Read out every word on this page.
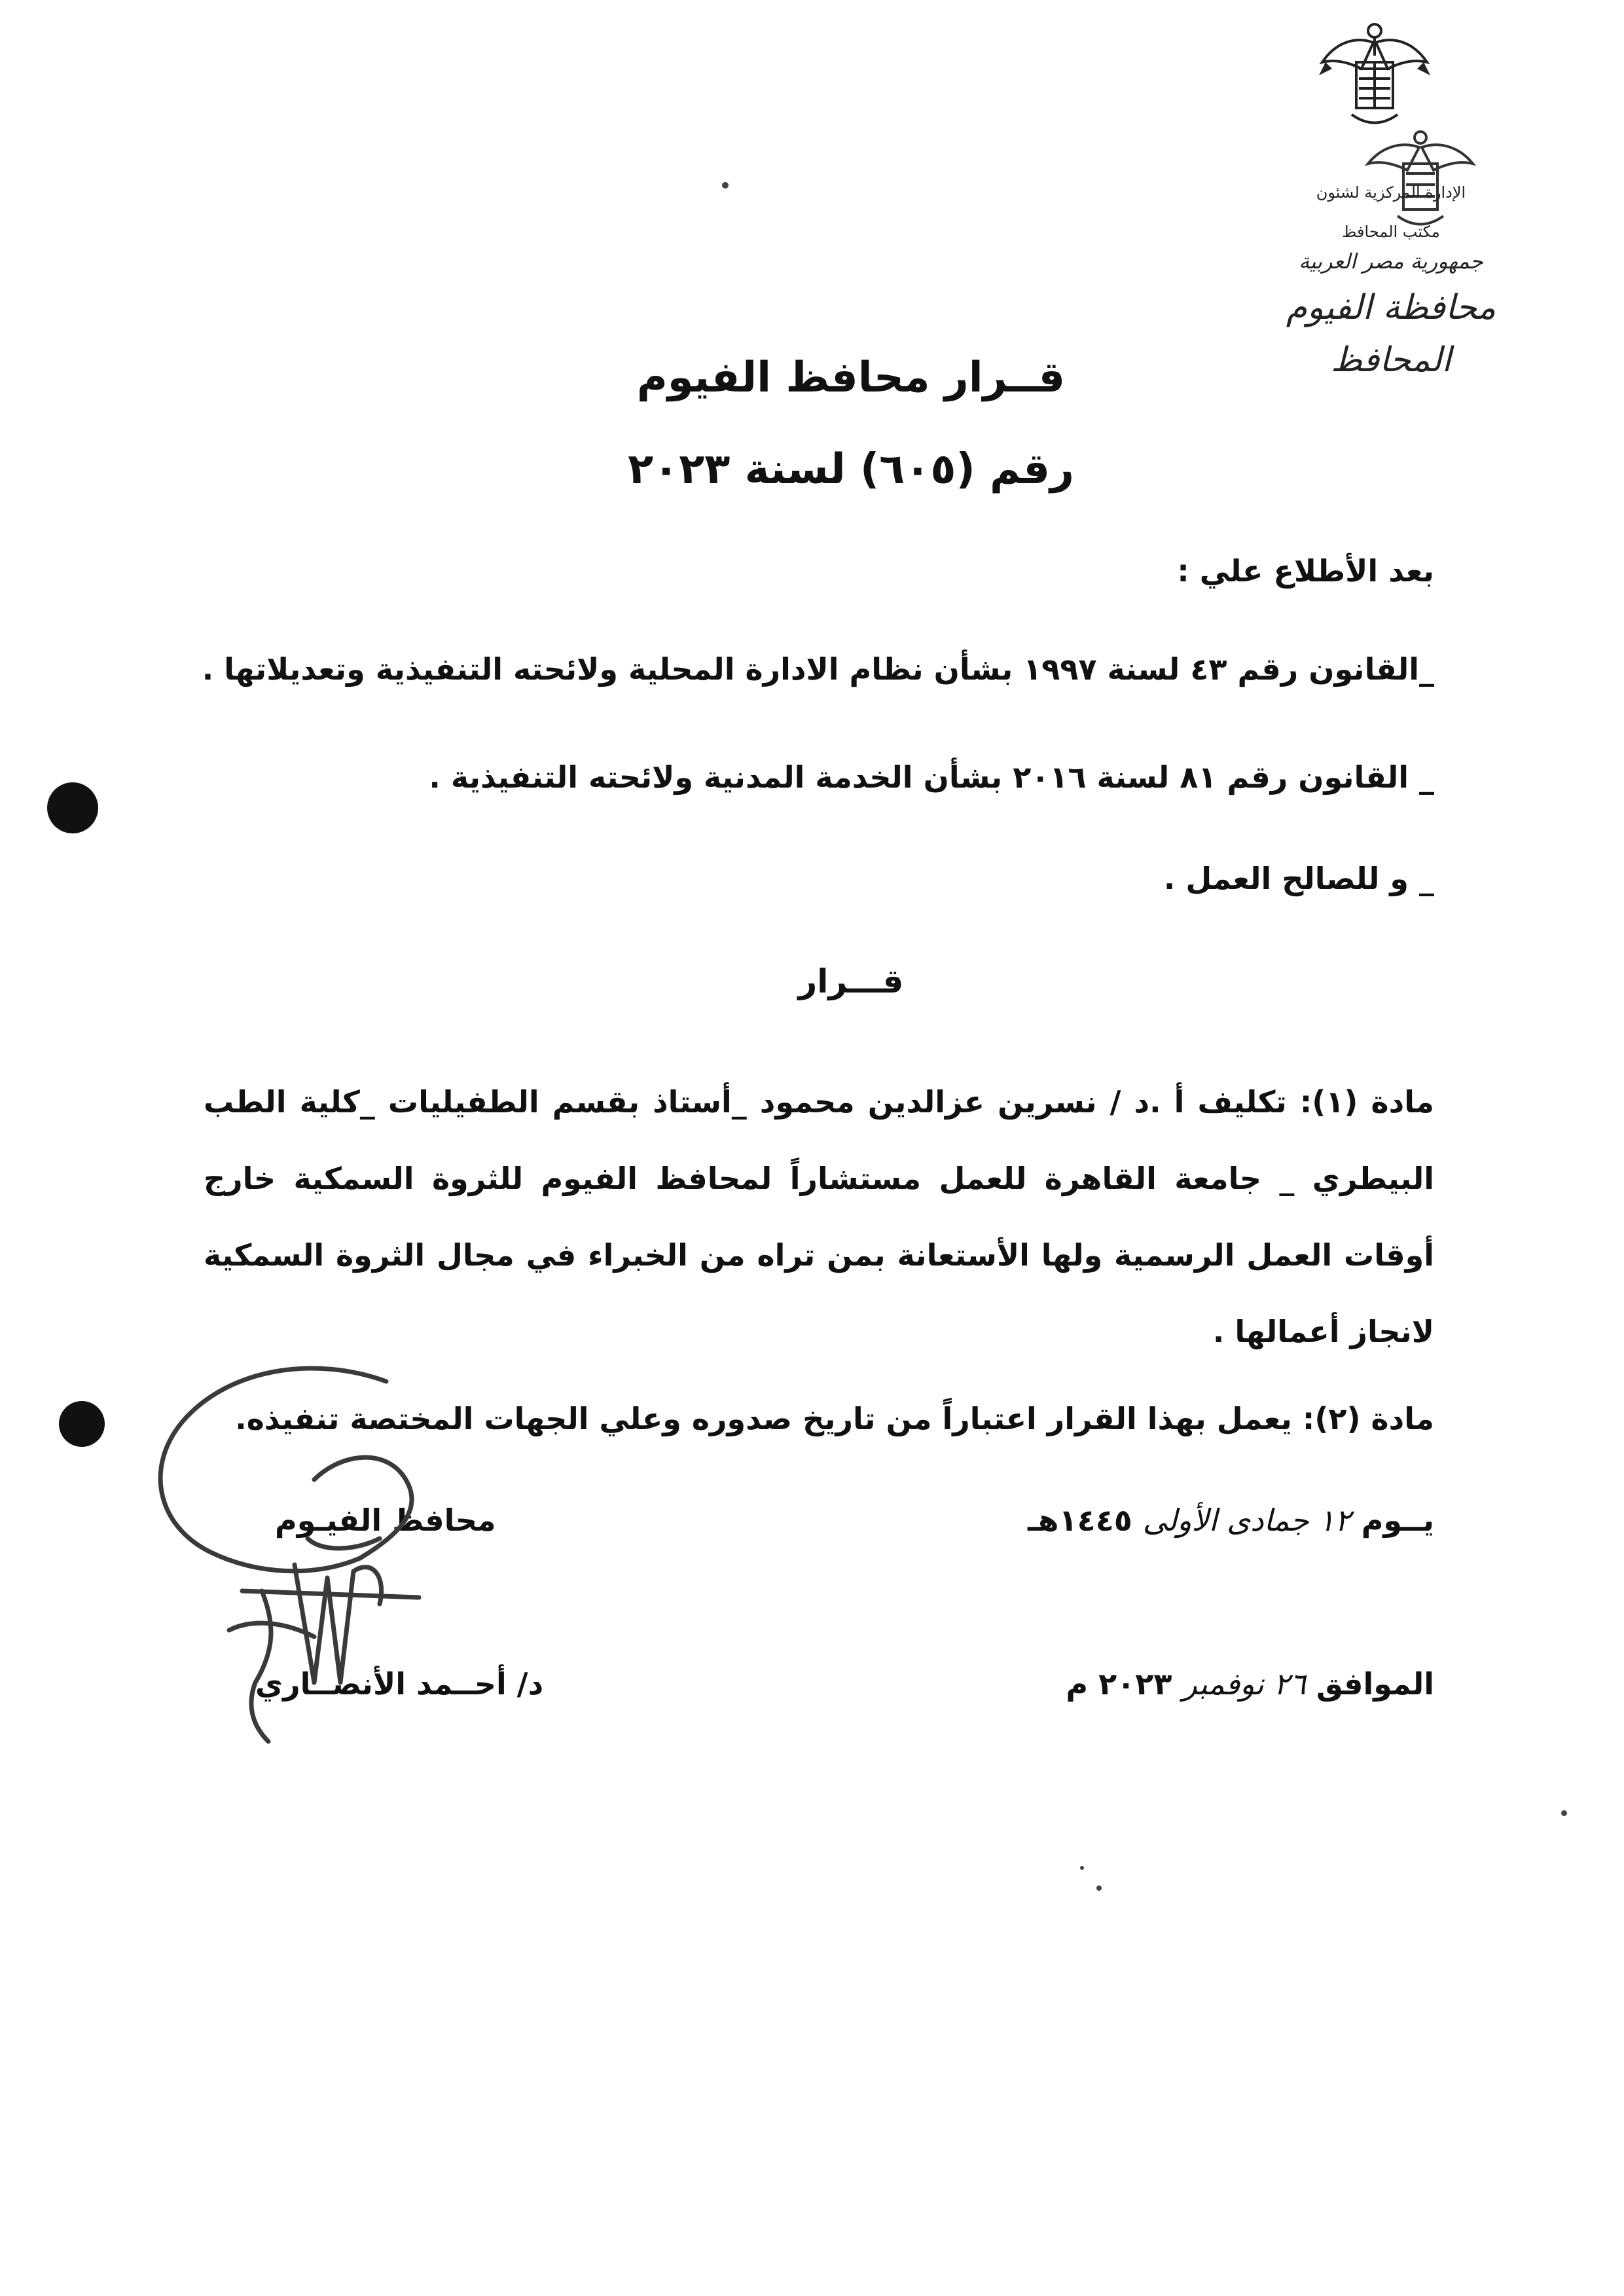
الإدارة المركزية لشئون
مكتب المحافظ
جمهورية مصر العربية
محافظة الفيوم
المحافظ
قــرار محافظ الفيوم
رقم (٦٠٥) لسنة ٢٠٢٣
بعد الأطلاع علي :
_القانون رقم ٤٣ لسنة ١٩٩٧ بشأن نظام الادارة المحلية ولائحته التنفيذية وتعديلاتها .
_ القانون رقم ٨١ لسنة ٢٠١٦ بشأن الخدمة المدنية ولائحته التنفيذية .
_ و للصالح العمل .
قـــرار
مادة (١): تكليف أ .د / نسرين عزالدين محمود _أستاذ بقسم الطفيليات _كلية الطب البيطري _ جامعة القاهرة للعمل مستشاراً لمحافظ الفيوم للثروة السمكية خارج أوقات العمل الرسمية ولها الأستعانة بمن تراه من الخبراء في مجال الثروة السمكية لانجاز أعمالها .
مادة (٢): يعمل بهذا القرار اعتباراً من تاريخ صدوره وعلي الجهات المختصة تنفيذه.
يــوم ١٢ جمادى الأولى ١٤٤٥هـ
الموافق ٢٦ نوفمبر ٢٠٢٣ م
محافظ الفيـوم
د/ أحــمد الأنصــاري
